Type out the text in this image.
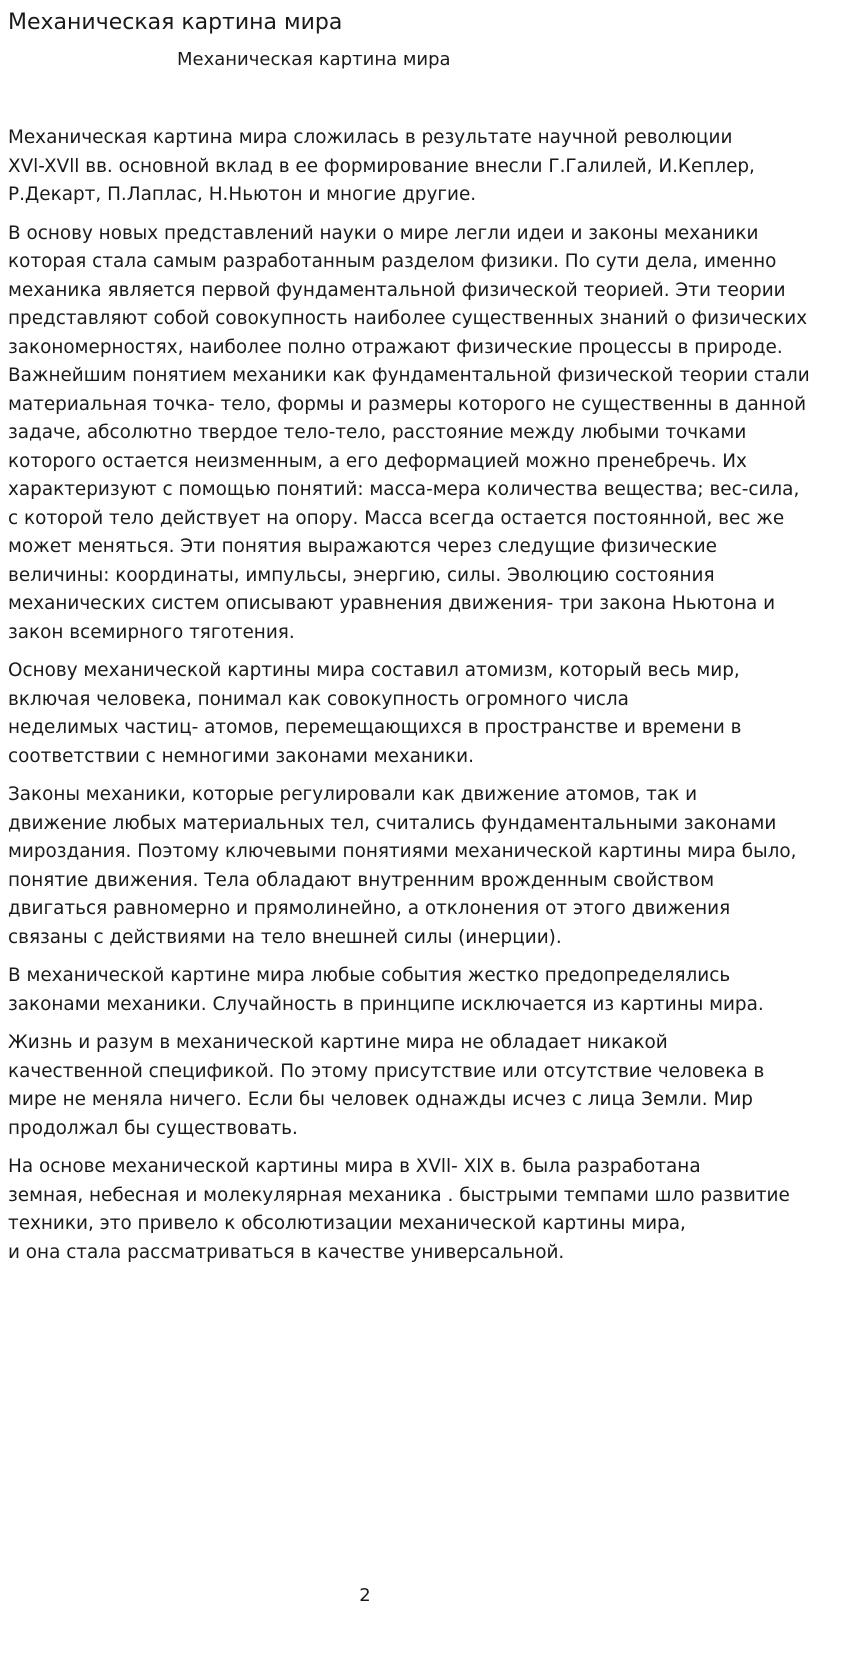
Механическая картина мира
Механическая картина мира

Механическая картина мира сложилась в результате научной революции
XVl-XVll вв. основной вклад в ее формирование внесли Г.Галилей, И.Кеплер,
Р.Декарт, П.Лаплас, Н.Ньютон и многие другие.

В основу новых представлений науки о мире легли идеи и законы механики
которая стала самым разработанным разделом физики. По сути дела, именно
механика является первой фундаментальной физической теорией. Эти теории
представляют собой совокупность наиболее существенных знаний о физических
закономерностях, наиболее полно отражают физические процессы в природе.
Важнейшим понятием механики как фундаментальной физической теории стали
материальная точка- тело, формы и размеры которого не существенны в данной
задаче, абсолютно твердое тело-тело, расстояние между любыми точками
которого остается неизменным, а его деформацией можно пренебречь. Их
характеризуют с помощью понятий: масса-мера количества вещества; вес-сила,
с которой тело действует на опору. Масса всегда остается постоянной, вес же
может меняться. Эти понятия выражаются через следущие физические
величины: координаты, импульсы, энергию, силы. Эволюцию состояния
механических систем описывают уравнения движения- три закона Ньютона и
закон всемирного тяготения.

Основу механической картины мира составил атомизм, который весь мир,
включая человека, понимал как совокупность огромного числа
неделимых частиц- атомов, перемещающихся в пространстве и времени в
соответствии с немногими законами механики.

Законы механики, которые регулировали как движение атомов, так и
движение любых материальных тел, считались фундаментальными законами
мироздания. Поэтому ключевыми понятиями механической картины мира было,
понятие движения. Тела обладают внутренним врожденным свойством
двигаться равномерно и прямолинейно, а отклонения от этого движения
связаны с действиями на тело внешней силы (инерции).

В механической картине мира любые события жестко предопределялись
законами механики. Случайность в принципе исключается из картины мира.

Жизнь и разум в механической картине мира не обладает никакой
качественной спецификой. По этому присутствие или отсутствие человека в
мире не меняла ничего. Если бы человек однажды исчез с лица Земли. Мир
продолжал бы существовать.

На основе механической картины мира в XVll- XlX в. была разработана
земная, небесная и молекулярная механика . быстрыми темпами шло развитие
техники, это привело к обсолютизации механической картины мира,
и она стала рассматриваться в качестве универсальной.

2
